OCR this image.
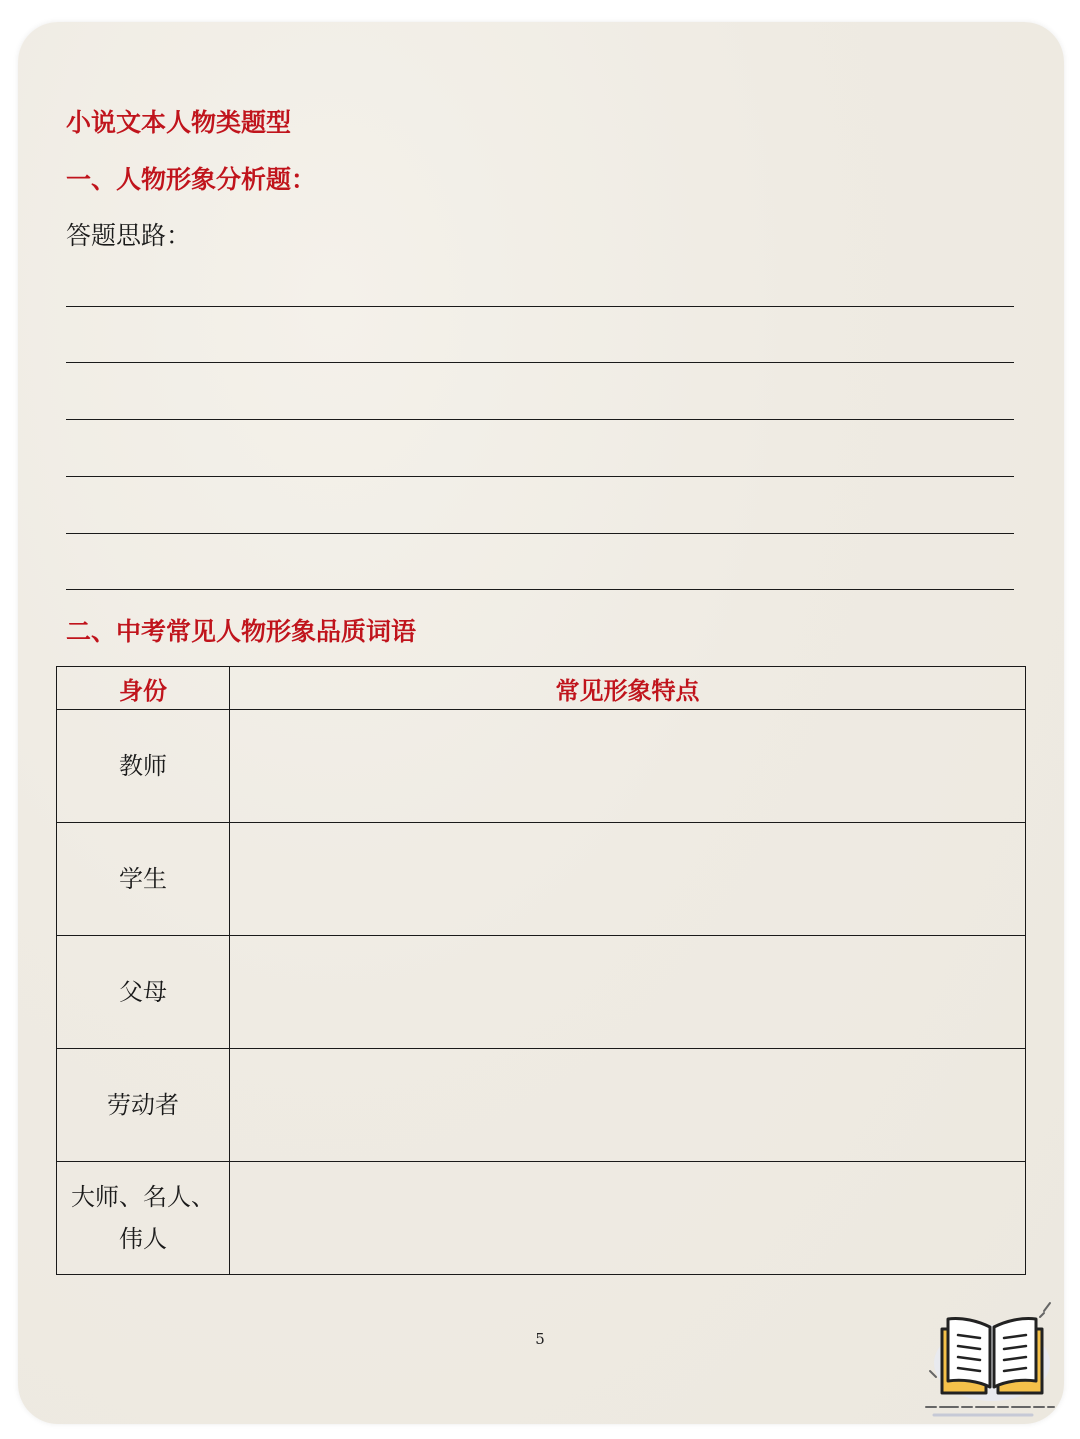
小说文本人物类题型
一、人物形象分析题：
答题思路：
二、中考常见人物形象品质词语
身份	常见形象特点
教师	
学生	
父母	
劳动者	

大师、名人、
伟人	

5
